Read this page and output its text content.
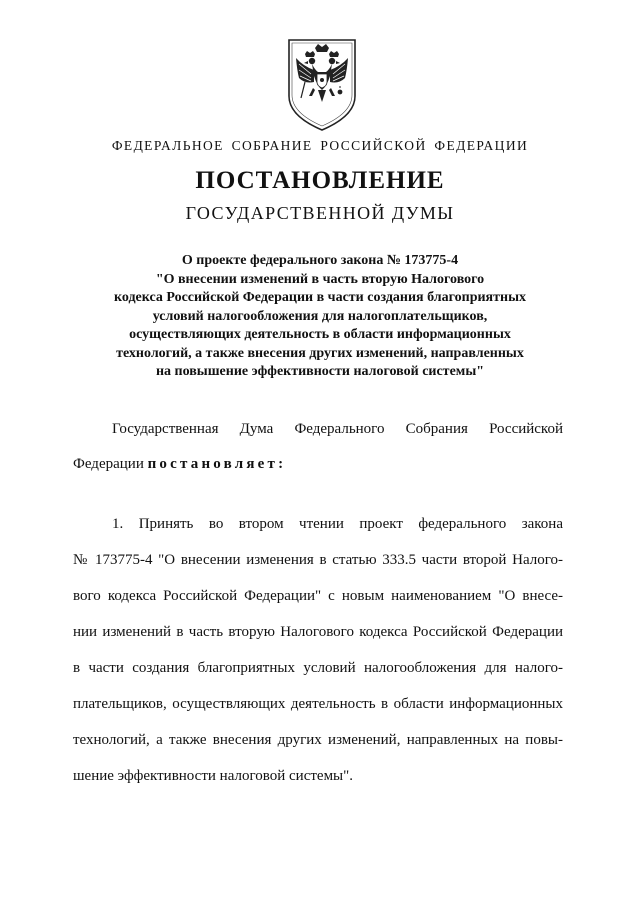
ФЕДЕРАЛЬНОЕ СОБРАНИЕ РОССИЙСКОЙ ФЕДЕРАЦИИ
ПОСТАНОВЛЕНИЕ
ГОСУДАРСТВЕННОЙ ДУМЫ
О проекте федерального закона № 173775-4
"О внесении изменений в часть вторую Налогового
кодекса Российской Федерации в части создания благоприятных
условий налогообложения для налогоплательщиков,
осуществляющих деятельность в области информационных
технологий, а также внесения других изменений, направленных
на повышение эффективности налоговой системы"
Государственная Дума Федерального Собрания Российской
Федерации постановляет:
1. Принять во втором чтении проект федерального закона
№ 173775-4 "О внесении изменения в статью 333.5 части второй Налого-
вого кодекса Российской Федерации" с новым наименованием "О внесе-
нии изменений в часть вторую Налогового кодекса Российской Федерации
в части создания благоприятных условий налогообложения для налого-
плательщиков, осуществляющих деятельность в области информационных
технологий, а также внесения других изменений, направленных на повы-
шение эффективности налоговой системы".
